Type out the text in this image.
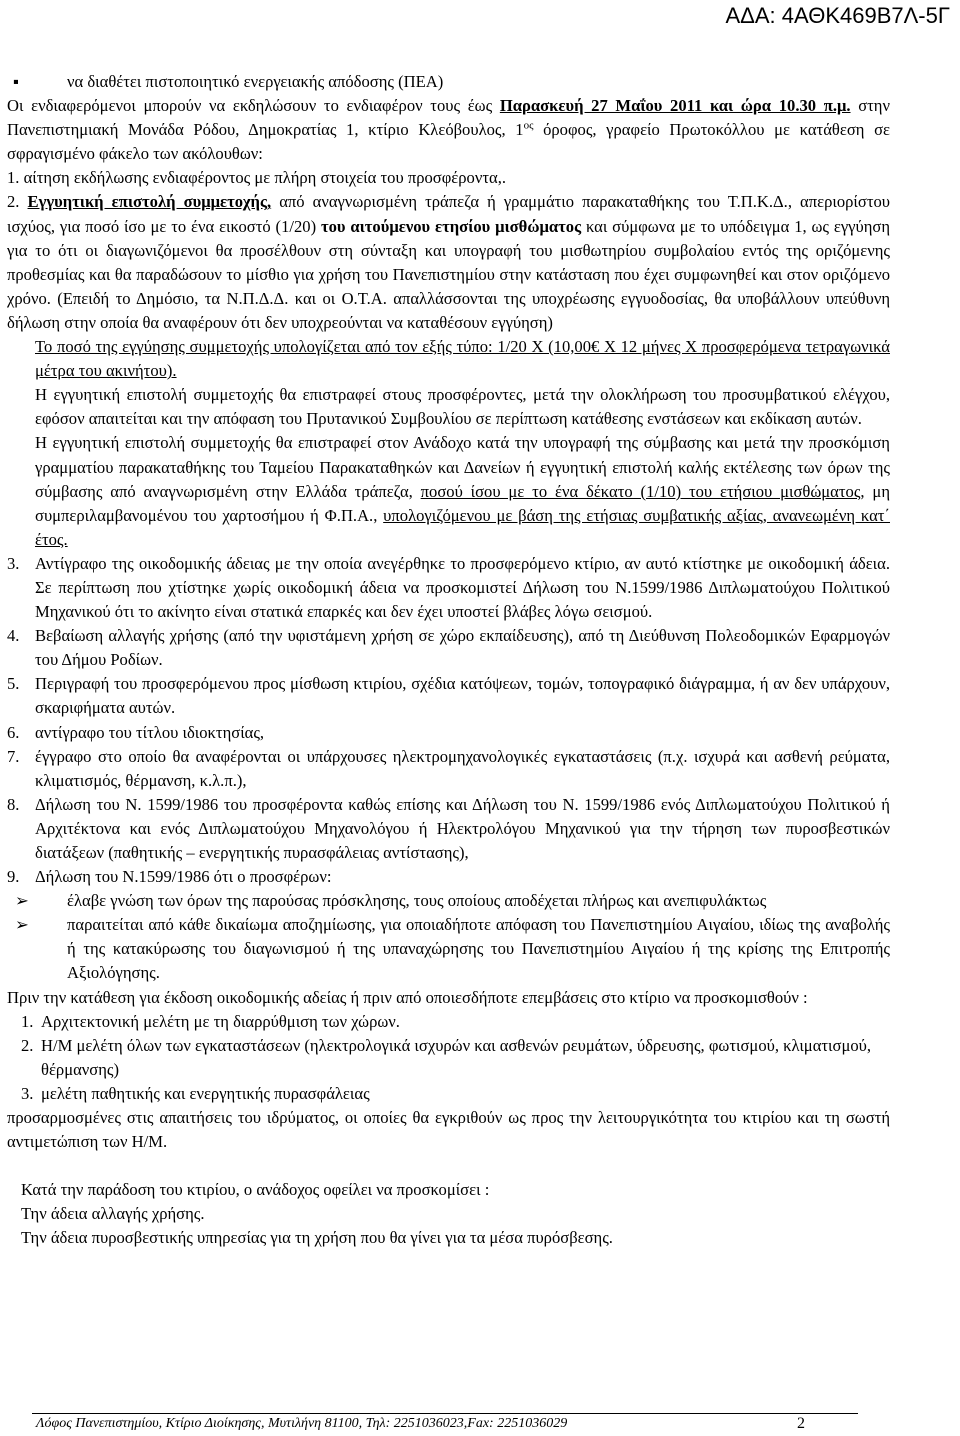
ΑΔΑ: 4ΑΘΚ469Β7Λ-5Γ
▪	να διαθέτει πιστοποιητικό ενεργειακής απόδοσης (ΠΕΑ)

Οι ενδιαφερόμενοι μπορούν να εκδηλώσουν το ενδιαφέρον τους έως Παρασκευή 27 Μαΐου 2011 και ώρα 10.30 π.μ. στην Πανεπιστημιακή Μονάδα Ρόδου, Δημοκρατίας 1, κτίριο Κλεόβουλος, $1^{o\varsigma}$ όροφος, γραφείο Πρωτοκόλλου με κατάθεση σε σφραγισμένο φάκελο των ακόλουθων:

1. αίτηση εκδήλωσης ενδιαφέροντος με πλήρη στοιχεία του προσφέροντα,.

2. Εγγυητική επιστολή συμμετοχής, από αναγνωρισμένη τράπεζα ή γραμμάτιο παρακαταθήκης του Τ.Π.Κ.Δ., απεριορίστου ισχύος, για ποσό ίσο με το ένα εικοστό (1/20) του αιτούμενου ετησίου μισθώματος και σύμφωνα με το υπόδειγμα 1, ως εγγύηση για το ότι οι διαγωνιζόμενοι θα προσέλθουν στη σύνταξη και υπογραφή του μισθωτηρίου συμβολαίου εντός της οριζόμενης προθεσμίας και θα παραδώσουν το μίσθιο για χρήση του Πανεπιστημίου στην κατάσταση που έχει συμφωνηθεί και στον οριζόμενο χρόνο. (Επειδή το Δημόσιο, τα Ν.Π.Δ.Δ. και οι Ο.Τ.Α. απαλλάσσονται της υποχρέωσης εγγυοδοσίας, θα υποβάλλουν υπεύθυνη δήλωση στην οποία θα αναφέρουν ότι δεν υποχρεούνται να καταθέσουν εγγύηση)

Το ποσό της εγγύησης συμμετοχής υπολογίζεται από τον εξής τύπο: 1/20 Χ (10,00€ Χ 12 μήνες Χ προσφερόμενα τετραγωνικά μέτρα του ακινήτου).

Η εγγυητική επιστολή συμμετοχής θα επιστραφεί στους προσφέροντες, μετά την ολοκλήρωση του προσυμβατικού ελέγχου, εφόσον απαιτείται και την απόφαση του Πρυτανικού Συμβουλίου σε περίπτωση κατάθεσης ενστάσεων και εκδίκαση αυτών.

Η εγγυητική επιστολή συμμετοχής θα επιστραφεί στον Ανάδοχο κατά την υπογραφή της σύμβασης και μετά την προσκόμιση γραμματίου παρακαταθήκης του Ταμείου Παρακαταθηκών και Δανείων ή εγγυητική επιστολή καλής εκτέλεσης των όρων της σύμβασης από αναγνωρισμένη στην Ελλάδα τράπεζα, ποσού ίσου με το ένα δέκατο (1/10) του ετήσιου μισθώματος, μη συμπεριλαμβανομένου του χαρτοσήμου ή Φ.Π.Α., υπολογιζόμενου με βάση της ετήσιας συμβατικής αξίας, ανανεωμένη κατ΄ έτος.

3. Αντίγραφο της οικοδομικής άδειας με την οποία ανεγέρθηκε το προσφερόμενο κτίριο, αν αυτό κτίστηκε με οικοδομική άδεια. Σε περίπτωση που χτίστηκε χωρίς οικοδομική άδεια να προσκομιστεί Δήλωση του Ν.1599/1986 Διπλωματούχου Πολιτικού Μηχανικού ότι το ακίνητο είναι στατικά επαρκές και δεν έχει υποστεί βλάβες λόγω σεισμού.
4. Βεβαίωση αλλαγής χρήσης (από την υφιστάμενη χρήση σε χώρο εκπαίδευσης), από τη Διεύθυνση Πολεοδομικών Εφαρμογών του Δήμου Ροδίων.
5. Περιγραφή του προσφερόμενου προς μίσθωση κτιρίου, σχέδια κατόψεων, τομών, τοπογραφικό διάγραμμα, ή αν δεν υπάρχουν, σκαριφήματα αυτών.
6. αντίγραφο του τίτλου ιδιοκτησίας,
7. έγγραφο στο οποίο θα αναφέρονται οι υπάρχουσες ηλεκτρομηχανολογικές εγκαταστάσεις (π.χ. ισχυρά και ασθενή ρεύματα, κλιματισμός, θέρμανση, κ.λ.π.),
8. Δήλωση του Ν. 1599/1986 του προσφέροντα καθώς επίσης και Δήλωση του Ν. 1599/1986 ενός Διπλωματούχου Πολιτικού ή Αρχιτέκτονα και ενός Διπλωματούχου Μηχανολόγου ή Ηλεκτρολόγου Μηχανικού για την τήρηση των πυροσβεστικών διατάξεων (παθητικής – ενεργητικής πυρασφάλειας αντίστασης),
9. Δήλωση του Ν.1599/1986 ότι ο προσφέρων:
➢	έλαβε γνώση των όρων της παρούσας πρόσκλησης, τους οποίους αποδέχεται πλήρως και ανεπιφυλάκτως
➢	παραιτείται από κάθε δικαίωμα αποζημίωσης, για οποιαδήποτε απόφαση του Πανεπιστημίου Αιγαίου, ιδίως της αναβολής ή της κατακύρωσης του διαγωνισμού ή της υπαναχώρησης του Πανεπιστημίου Αιγαίου ή της κρίσης της Επιτροπής Αξιολόγησης.

Πριν την κατάθεση για έκδοση οικοδομικής αδείας ή πριν από οποιεσδήποτε επεμβάσεις στο κτίριο να προσκομισθούν :

1. Αρχιτεκτονική μελέτη με τη διαρρύθμιση των χώρων.
2. Η/Μ μελέτη όλων των εγκαταστάσεων (ηλεκτρολογικά ισχυρών και ασθενών ρευμάτων, ύδρευσης, φωτισμού, κλιματισμού, θέρμανσης)
3. μελέτη παθητικής και ενεργητικής πυρασφάλειας

προσαρμοσμένες στις απαιτήσεις του ιδρύματος, οι οποίες θα εγκριθούν ως προς την λειτουργικότητα του κτιρίου και τη σωστή αντιμετώπιση των Η/Μ.

Κατά την παράδοση του κτιρίου, ο ανάδοχος οφείλει να προσκομίσει :

Την άδεια αλλαγής χρήσης.

Την άδεια πυροσβεστικής υπηρεσίας για τη χρήση που θα γίνει για τα μέσα πυρόσβεσης.

Λόφος Πανεπιστημίου, Κτίριο Διοίκησης, Μυτιλήνη 81100, Τηλ: 2251036023,Fax: 2251036029	2
